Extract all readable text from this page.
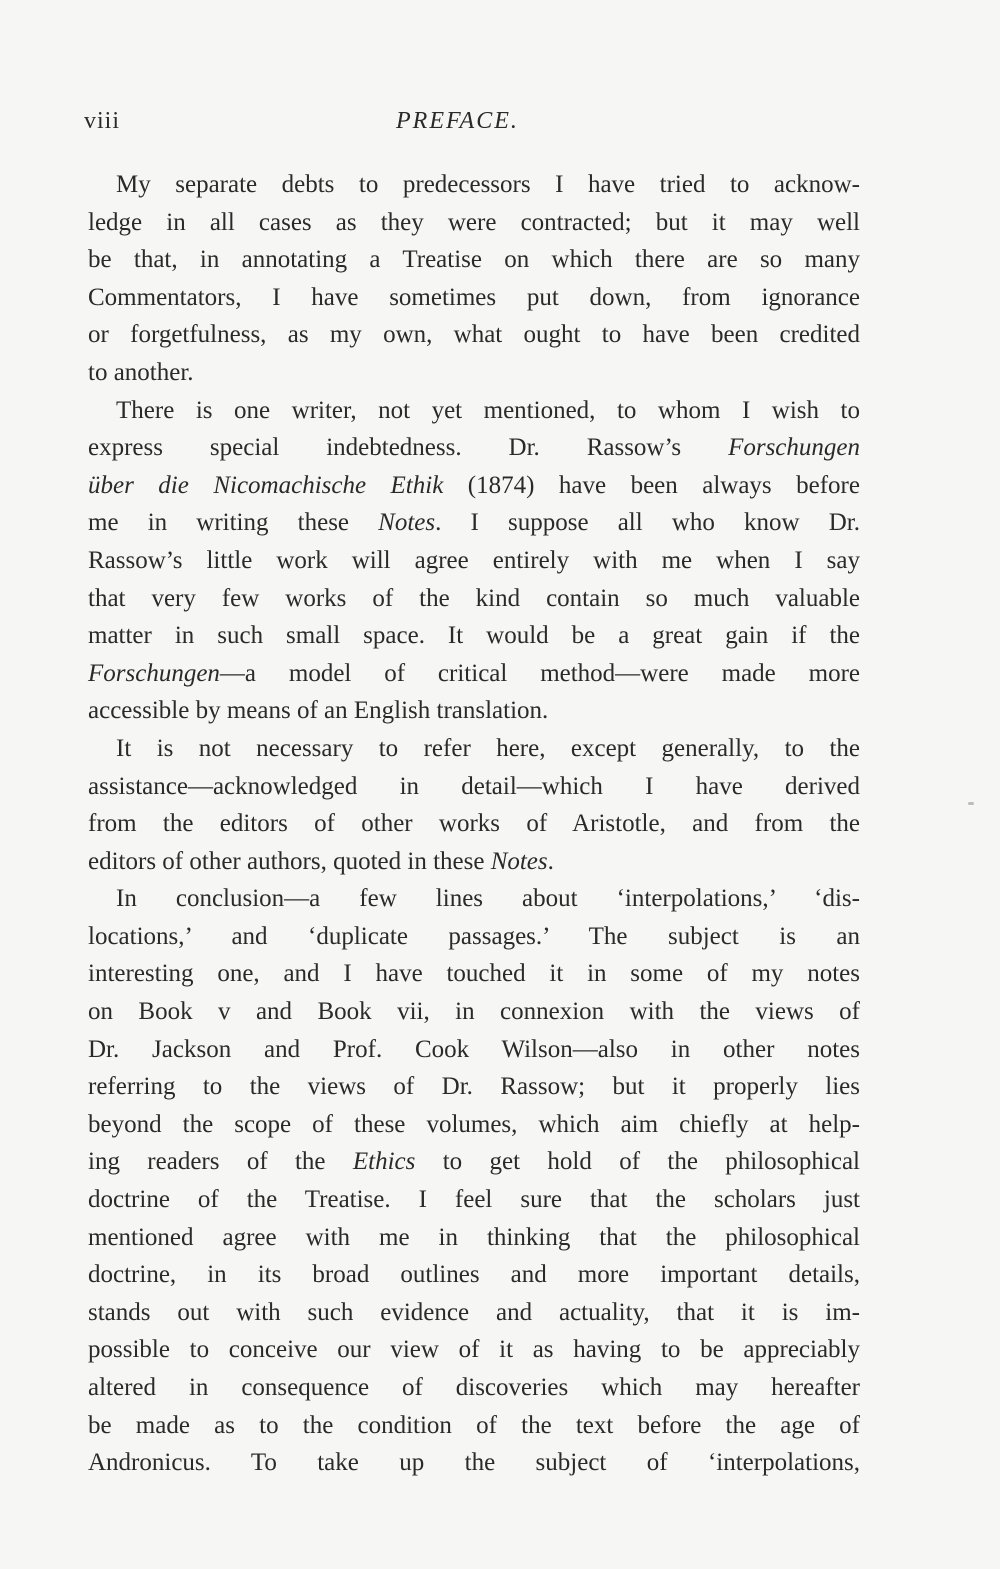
viii	PREFACE.
My separate debts to predecessors I have tried to acknow-
ledge in all cases as they were contracted; but it may well
be that, in annotating a Treatise on which there are so many
Commentators, I have sometimes put down, from ignorance
or forgetfulness, as my own, what ought to have been credited
to another.
There is one writer, not yet mentioned, to whom I wish to
express special indebtedness. Dr. Rassow’s Forschungen
über die Nicomachische Ethik (1874) have been always before
me in writing these Notes. I suppose all who know Dr.
Rassow’s little work will agree entirely with me when I say
that very few works of the kind contain so much valuable
matter in such small space. It would be a great gain if the
Forschungen—a model of critical method—were made more
accessible by means of an English translation.
It is not necessary to refer here, except generally, to the
assistance—acknowledged in detail—which I have derived
from the editors of other works of Aristotle, and from the
editors of other authors, quoted in these Notes.
In conclusion—a few lines about ‘interpolations,’ ‘dis-
locations,’ and ‘duplicate passages.’ The subject is an
interesting one, and I have touched it in some of my notes
on Book v and Book vii, in connexion with the views of
Dr. Jackson and Prof. Cook Wilson—also in other notes
referring to the views of Dr. Rassow; but it properly lies
beyond the scope of these volumes, which aim chiefly at help-
ing readers of the Ethics to get hold of the philosophical
doctrine of the Treatise. I feel sure that the scholars just
mentioned agree with me in thinking that the philosophical
doctrine, in its broad outlines and more important details,
stands out with such evidence and actuality, that it is im-
possible to conceive our view of it as having to be appreciably
altered in consequence of discoveries which may hereafter
be made as to the condition of the text before the age of
Andronicus. To take up the subject of ‘interpolations,
